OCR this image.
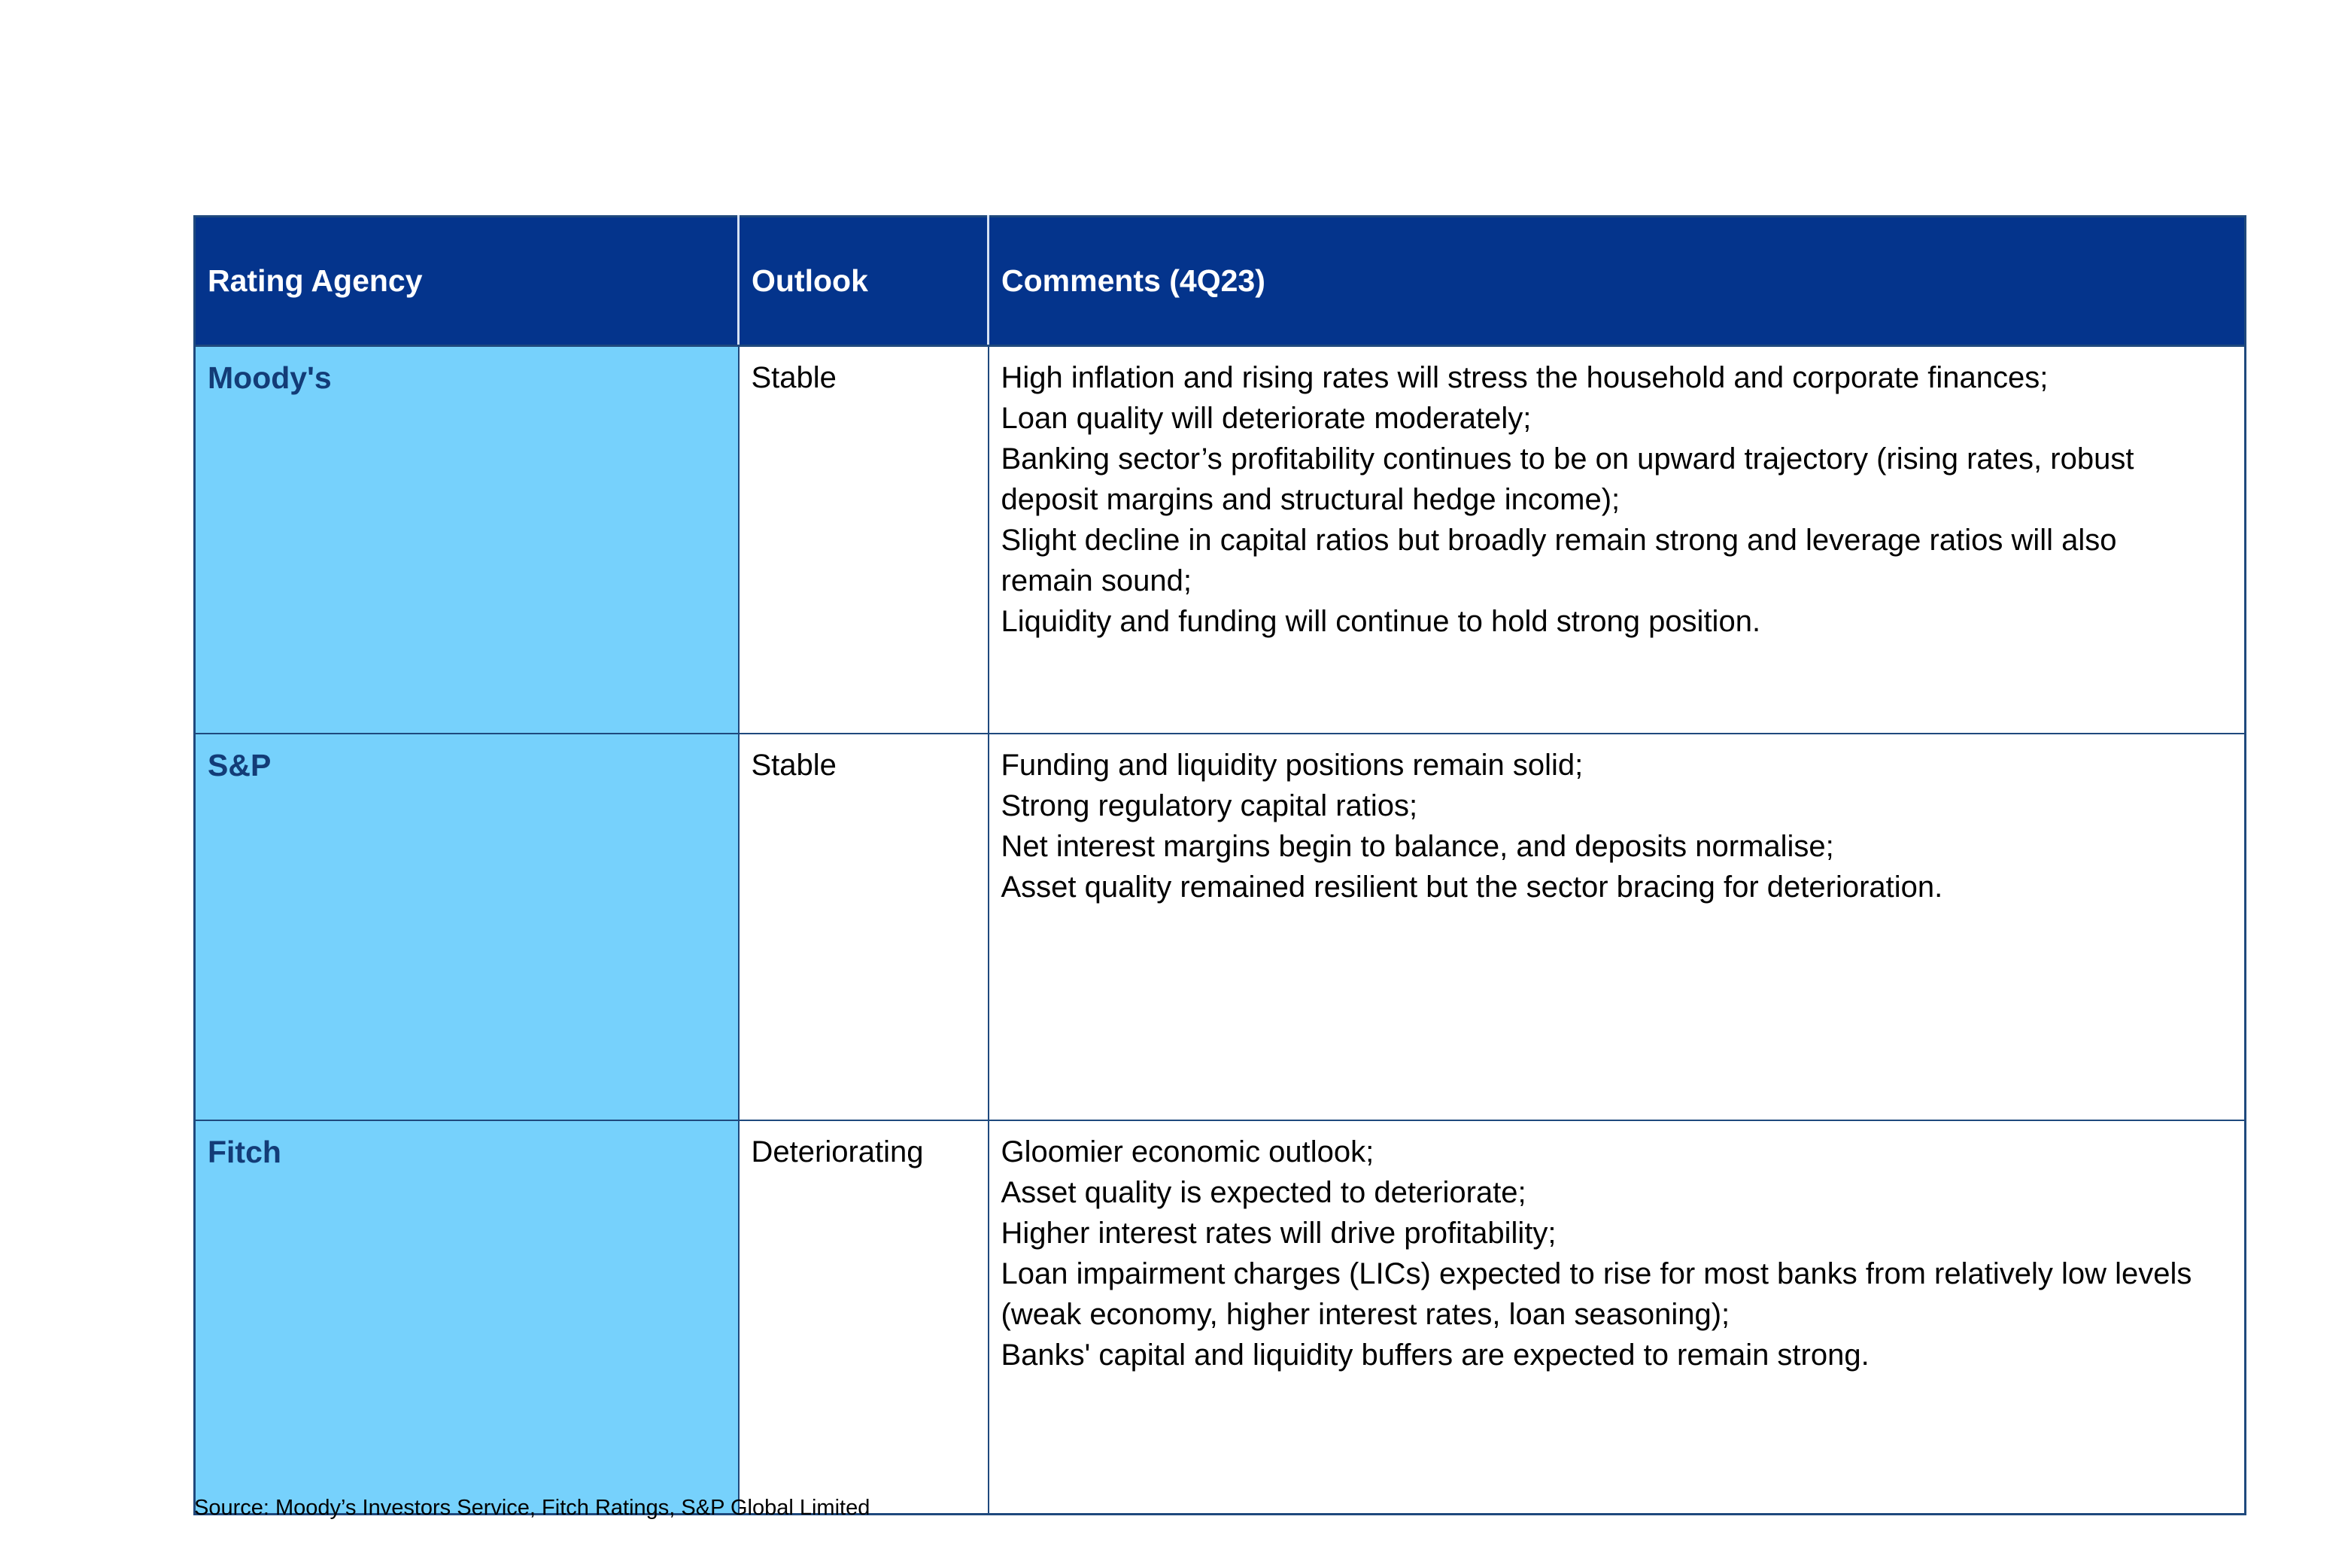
Rating Agency	Outlook	Comments (4Q23)
Moody's	Stable	High inflation and rising rates will stress the household and corporate finances;
Loan quality will deteriorate moderately;
Banking sector’s profitability continues to be on upward trajectory (rising rates, robust deposit margins and structural hedge income);
Slight decline in capital ratios but broadly remain strong and leverage ratios will also remain sound;
Liquidity and funding will continue to hold strong position.

S&P	Stable	Funding and liquidity positions remain solid;
Strong regulatory capital ratios;
Net interest margins begin to balance, and deposits normalise;
Asset quality remained resilient but the sector bracing for deterioration.

Fitch	Deteriorating	Gloomier economic outlook;
Asset quality is expected to deteriorate;
Higher interest rates will drive profitability;
Loan impairment charges (LICs) expected to rise for most banks from relatively low levels (weak economy, higher interest rates, loan seasoning);
Banks' capital and liquidity buffers are expected to remain strong.
Source: Moody’s Investors Service, Fitch Ratings, S&P Global Limited
